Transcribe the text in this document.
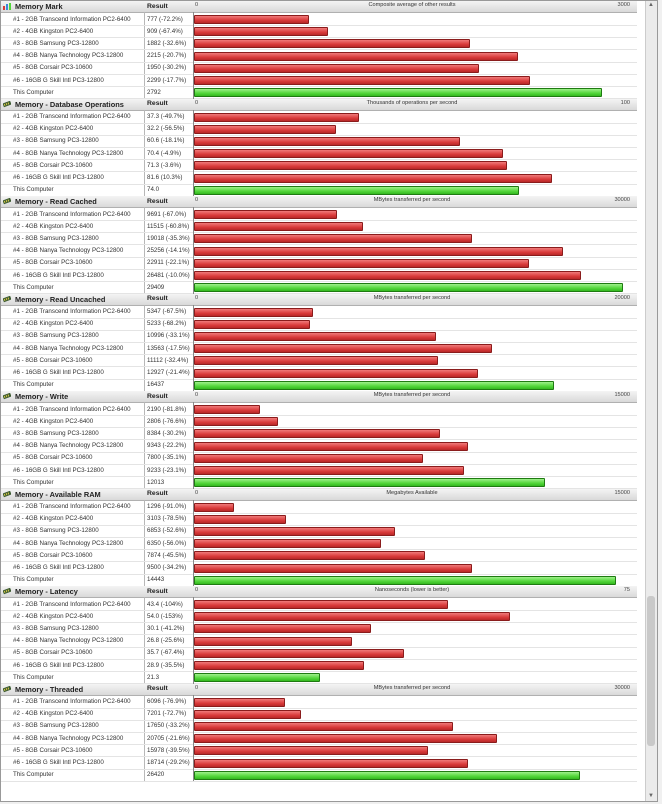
Memory Mark	Result	0	Composite average of other results	3000
#1 - 2GB Transcend Information PC2-6400	777 (-72.2%)
#2 - 4GB Kingston PC2-6400	909 (-67.4%)
#3 - 8GB Samsung PC3-12800	1882 (-32.6%)
#4 - 8GB Nanya Technology PC3-12800	2215 (-20.7%)
#5 - 8GB Corsair PC3-10600	1950 (-30.2%)
#6 - 16GB G Skill Intl PC3-12800	2299 (-17.7%)
This Computer	2792
Memory - Database Operations	Result	0	Thousands of operations per second	100
#1 - 2GB Transcend Information PC2-6400	37.3 (-49.7%)
#2 - 4GB Kingston PC2-6400	32.2 (-56.5%)
#3 - 8GB Samsung PC3-12800	60.6 (-18.1%)
#4 - 8GB Nanya Technology PC3-12800	70.4 (-4.9%)
#5 - 8GB Corsair PC3-10600	71.3 (-3.6%)
#6 - 16GB G Skill Intl PC3-12800	81.6 (10.3%)
This Computer	74.0
Memory - Read Cached	Result	0	MBytes transferred per second	30000
#1 - 2GB Transcend Information PC2-6400	9691 (-67.0%)
#2 - 4GB Kingston PC2-6400	11515 (-60.8%)
#3 - 8GB Samsung PC3-12800	19018 (-35.3%)
#4 - 8GB Nanya Technology PC3-12800	25256 (-14.1%)
#5 - 8GB Corsair PC3-10600	22911 (-22.1%)
#6 - 16GB G Skill Intl PC3-12800	26481 (-10.0%)
This Computer	29409
Memory - Read Uncached	Result	0	MBytes transferred per second	20000
#1 - 2GB Transcend Information PC2-6400	5347 (-67.5%)
#2 - 4GB Kingston PC2-6400	5233 (-68.2%)
#3 - 8GB Samsung PC3-12800	10996 (-33.1%)
#4 - 8GB Nanya Technology PC3-12800	13563 (-17.5%)
#5 - 8GB Corsair PC3-10600	11112 (-32.4%)
#6 - 16GB G Skill Intl PC3-12800	12927 (-21.4%)
This Computer	16437
Memory - Write	Result	0	MBytes transferred per second	15000
#1 - 2GB Transcend Information PC2-6400	2190 (-81.8%)
#2 - 4GB Kingston PC2-6400	2806 (-76.6%)
#3 - 8GB Samsung PC3-12800	8384 (-30.2%)
#4 - 8GB Nanya Technology PC3-12800	9343 (-22.2%)
#5 - 8GB Corsair PC3-10600	7800 (-35.1%)
#6 - 16GB G Skill Intl PC3-12800	9233 (-23.1%)
This Computer	12013
Memory - Available RAM	Result	0	Megabytes Available	15000
#1 - 2GB Transcend Information PC2-6400	1296 (-91.0%)
#2 - 4GB Kingston PC2-6400	3103 (-78.5%)
#3 - 8GB Samsung PC3-12800	6853 (-52.6%)
#4 - 8GB Nanya Technology PC3-12800	6350 (-56.0%)
#5 - 8GB Corsair PC3-10600	7874 (-45.5%)
#6 - 16GB G Skill Intl PC3-12800	9500 (-34.2%)
This Computer	14443
Memory - Latency	Result	0	Nanoseconds (lower is better)	75
#1 - 2GB Transcend Information PC2-6400	43.4 (-104%)
#2 - 4GB Kingston PC2-6400	54.0 (-153%)
#3 - 8GB Samsung PC3-12800	30.1 (-41.2%)
#4 - 8GB Nanya Technology PC3-12800	26.8 (-25.6%)
#5 - 8GB Corsair PC3-10600	35.7 (-67.4%)
#6 - 16GB G Skill Intl PC3-12800	28.9 (-35.5%)
This Computer	21.3
Memory - Threaded	Result	0	MBytes transferred per second	30000
#1 - 2GB Transcend Information PC2-6400	6096 (-76.9%)
#2 - 4GB Kingston PC2-6400	7201 (-72.7%)
#3 - 8GB Samsung PC3-12800	17650 (-33.2%)
#4 - 8GB Nanya Technology PC3-12800	20705 (-21.6%)
#5 - 8GB Corsair PC3-10600	15978 (-39.5%)
#6 - 16GB G Skill Intl PC3-12800	18714 (-29.2%)
This Computer	26420
▲
▼
